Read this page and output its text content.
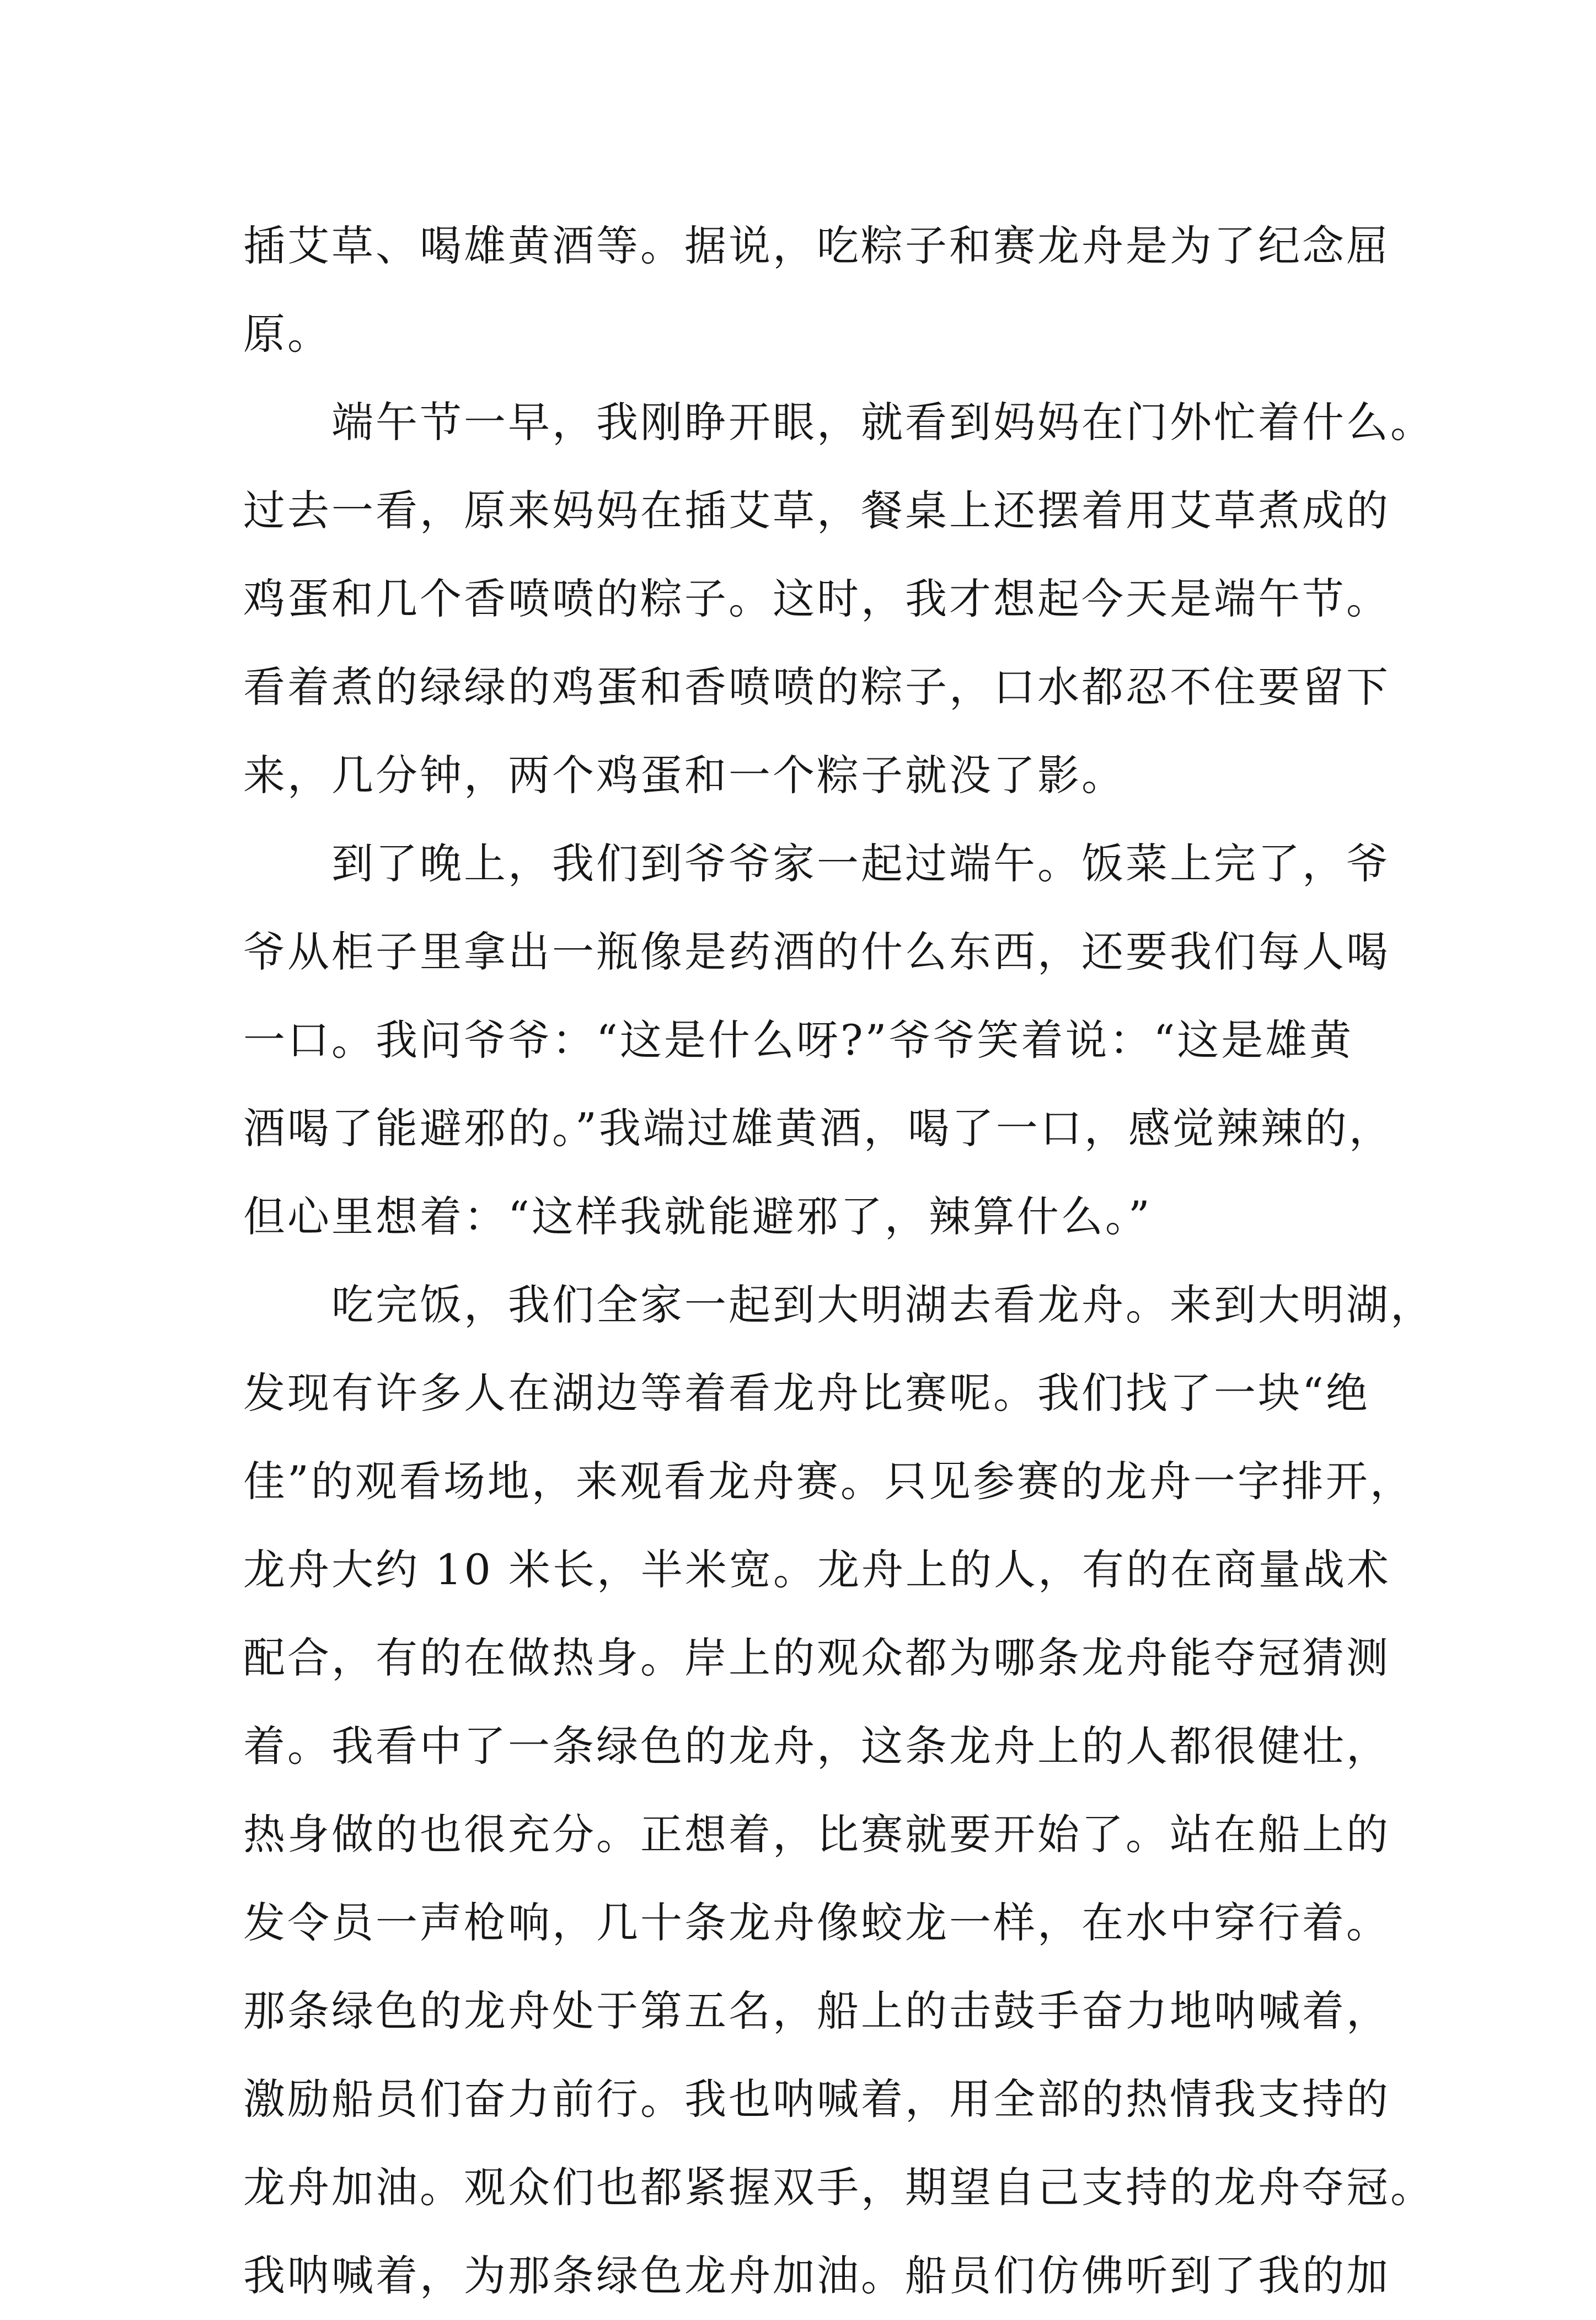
插艾草、喝雄黄酒等。据说，吃粽子和赛龙舟是为了纪念屈
原。
端午节一早，我刚睁开眼，就看到妈妈在门外忙着什么。
过去一看，原来妈妈在插艾草，餐桌上还摆着用艾草煮成的
鸡蛋和几个香喷喷的粽子。这时，我才想起今天是端午节。
看着煮的绿绿的鸡蛋和香喷喷的粽子，口水都忍不住要留下
来，几分钟，两个鸡蛋和一个粽子就没了影。
到了晚上，我们到爷爷家一起过端午。饭菜上完了，爷
爷从柜子里拿出一瓶像是药酒的什么东西，还要我们每人喝
一口。我问爷爷：“这是什么呀?”爷爷笑着说：“这是雄黄
酒喝了能避邪的。”我端过雄黄酒，喝了一口，感觉辣辣的，
但心里想着：“这样我就能避邪了，辣算什么。”
吃完饭，我们全家一起到大明湖去看龙舟。来到大明湖，
发现有许多人在湖边等着看龙舟比赛呢。我们找了一块“绝
佳”的观看场地，来观看龙舟赛。只见参赛的龙舟一字排开，
龙舟大约 10 米长，半米宽。龙舟上的人，有的在商量战术
配合，有的在做热身。岸上的观众都为哪条龙舟能夺冠猜测
着。我看中了一条绿色的龙舟，这条龙舟上的人都很健壮，
热身做的也很充分。正想着，比赛就要开始了。站在船上的
发令员一声枪响，几十条龙舟像蛟龙一样，在水中穿行着。
那条绿色的龙舟处于第五名，船上的击鼓手奋力地呐喊着，
激励船员们奋力前行。我也呐喊着，用全部的热情我支持的
龙舟加油。观众们也都紧握双手，期望自己支持的龙舟夺冠。
我呐喊着，为那条绿色龙舟加油。船员们仿佛听到了我的加
